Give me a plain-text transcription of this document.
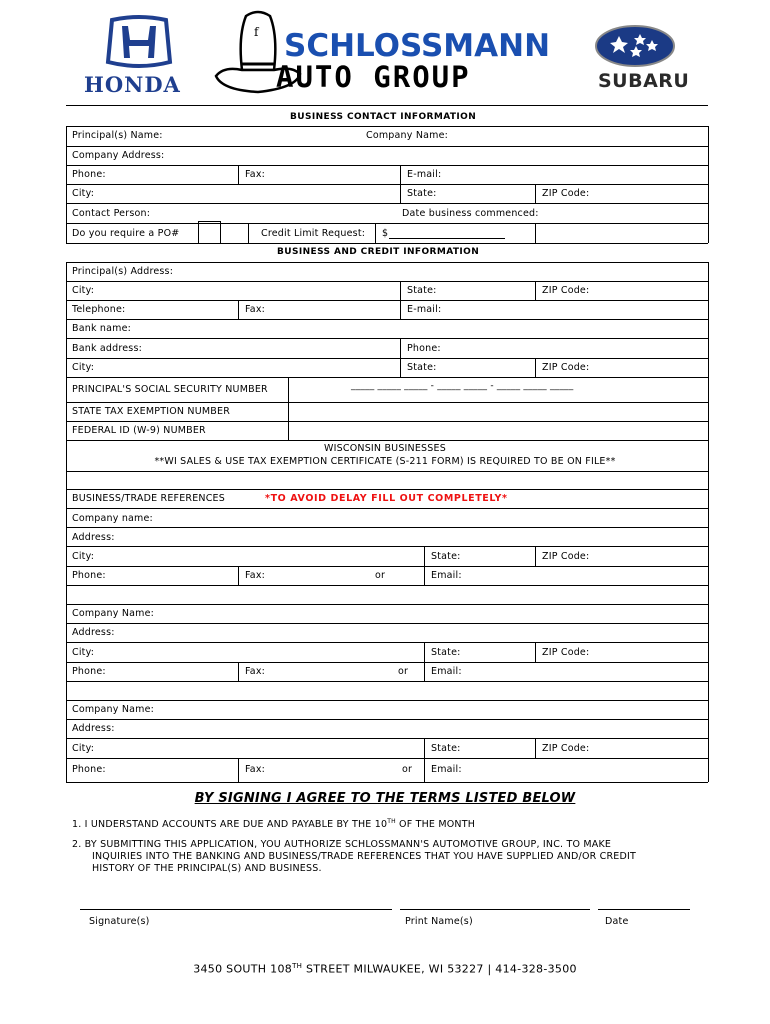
HONDA
f SCHLOSSMANN
AUTO GROUP	SUBARU
BUSINESS CONTACT INFORMATION
Principal(s) Name:	Company Name:
Company Address:
Phone:	Fax:	E-mail:
City:	State:	ZIP Code:
Contact Person:	Date business commenced:
Do you require a PO#	Credit Limit Request: $
BUSINESS AND CREDIT INFORMATION
Principal(s) Address:
City:	State:	ZIP Code:
Telephone:	Fax:	E-mail:
Bank name:
Bank address:	Phone:
City:	State:	ZIP Code:
PRINCIPAL'S SOCIAL SECURITY NUMBER	_____ _____ _____ - _____ _____ - _____ _____ _____
STATE TAX EXEMPTION NUMBER
FEDERAL ID (W-9) NUMBER
WISCONSIN BUSINESSES
**WI SALES & USE TAX EXEMPTION CERTIFICATE (S-211 FORM) IS REQUIRED TO BE ON FILE**
BUSINESS/TRADE REFERENCES	*TO AVOID DELAY FILL OUT COMPLETELY*
Company name:
Address:
City:	State:	ZIP Code:
Phone:	Fax:	or	Email:
Company Name:
Address:
City:	State:	ZIP Code:
Phone:	Fax:	or Email:
Company Name:
Address:
City:	State:	ZIP Code:
Phone:	Fax:	or Email:
BY SIGNING I AGREE TO THE TERMS LISTED BELOW
1. I UNDERSTAND ACCOUNTS ARE DUE AND PAYABLE BY THE 10TH OF THE MONTH
2. BY SUBMITTING THIS APPLICATION, YOU AUTHORIZE SCHLOSSMANN'S AUTOMOTIVE GROUP, INC. TO MAKE
INQUIRIES INTO THE BANKING AND BUSINESS/TRADE REFERENCES THAT YOU HAVE SUPPLIED AND/OR CREDIT
HISTORY OF THE PRINCIPAL(S) AND BUSINESS.
Signature(s)	Print Name(s)	Date
3450 SOUTH 108TH STREET MILWAUKEE, WI 53227 | 414-328-3500
